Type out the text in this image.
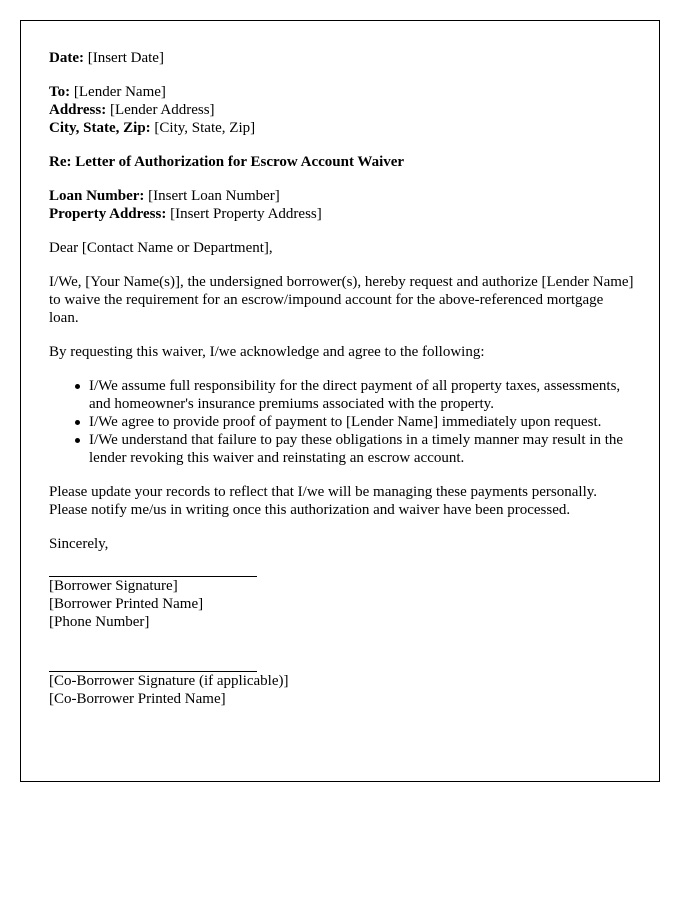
Date: [Insert Date]

To: [Lender Name]

Address: [Lender Address]

City, State, Zip: [City, State, Zip]

Re: Letter of Authorization for Escrow Account Waiver

Loan Number: [Insert Loan Number]

Property Address: [Insert Property Address]

Dear [Contact Name or Department],

I/We, [Your Name(s)], the undersigned borrower(s), hereby request and authorize [Lender Name] to waive the requirement for an escrow/impound account for the above-referenced mortgage loan.

By requesting this waiver, I/we acknowledge and agree to the following:

I/We assume full responsibility for the direct payment of all property taxes, assessments, and homeowner's insurance premiums associated with the property.
I/We agree to provide proof of payment to [Lender Name] immediately upon request.
I/We understand that failure to pay these obligations in a timely manner may result in the lender revoking this waiver and reinstating an escrow account.

Please update your records to reflect that I/we will be managing these payments personally. Please notify me/us in writing once this authorization and waiver have been processed.

Sincerely,

[Borrower Signature]

[Borrower Printed Name]

[Phone Number]

[Co-Borrower Signature (if applicable)]

[Co-Borrower Printed Name]
